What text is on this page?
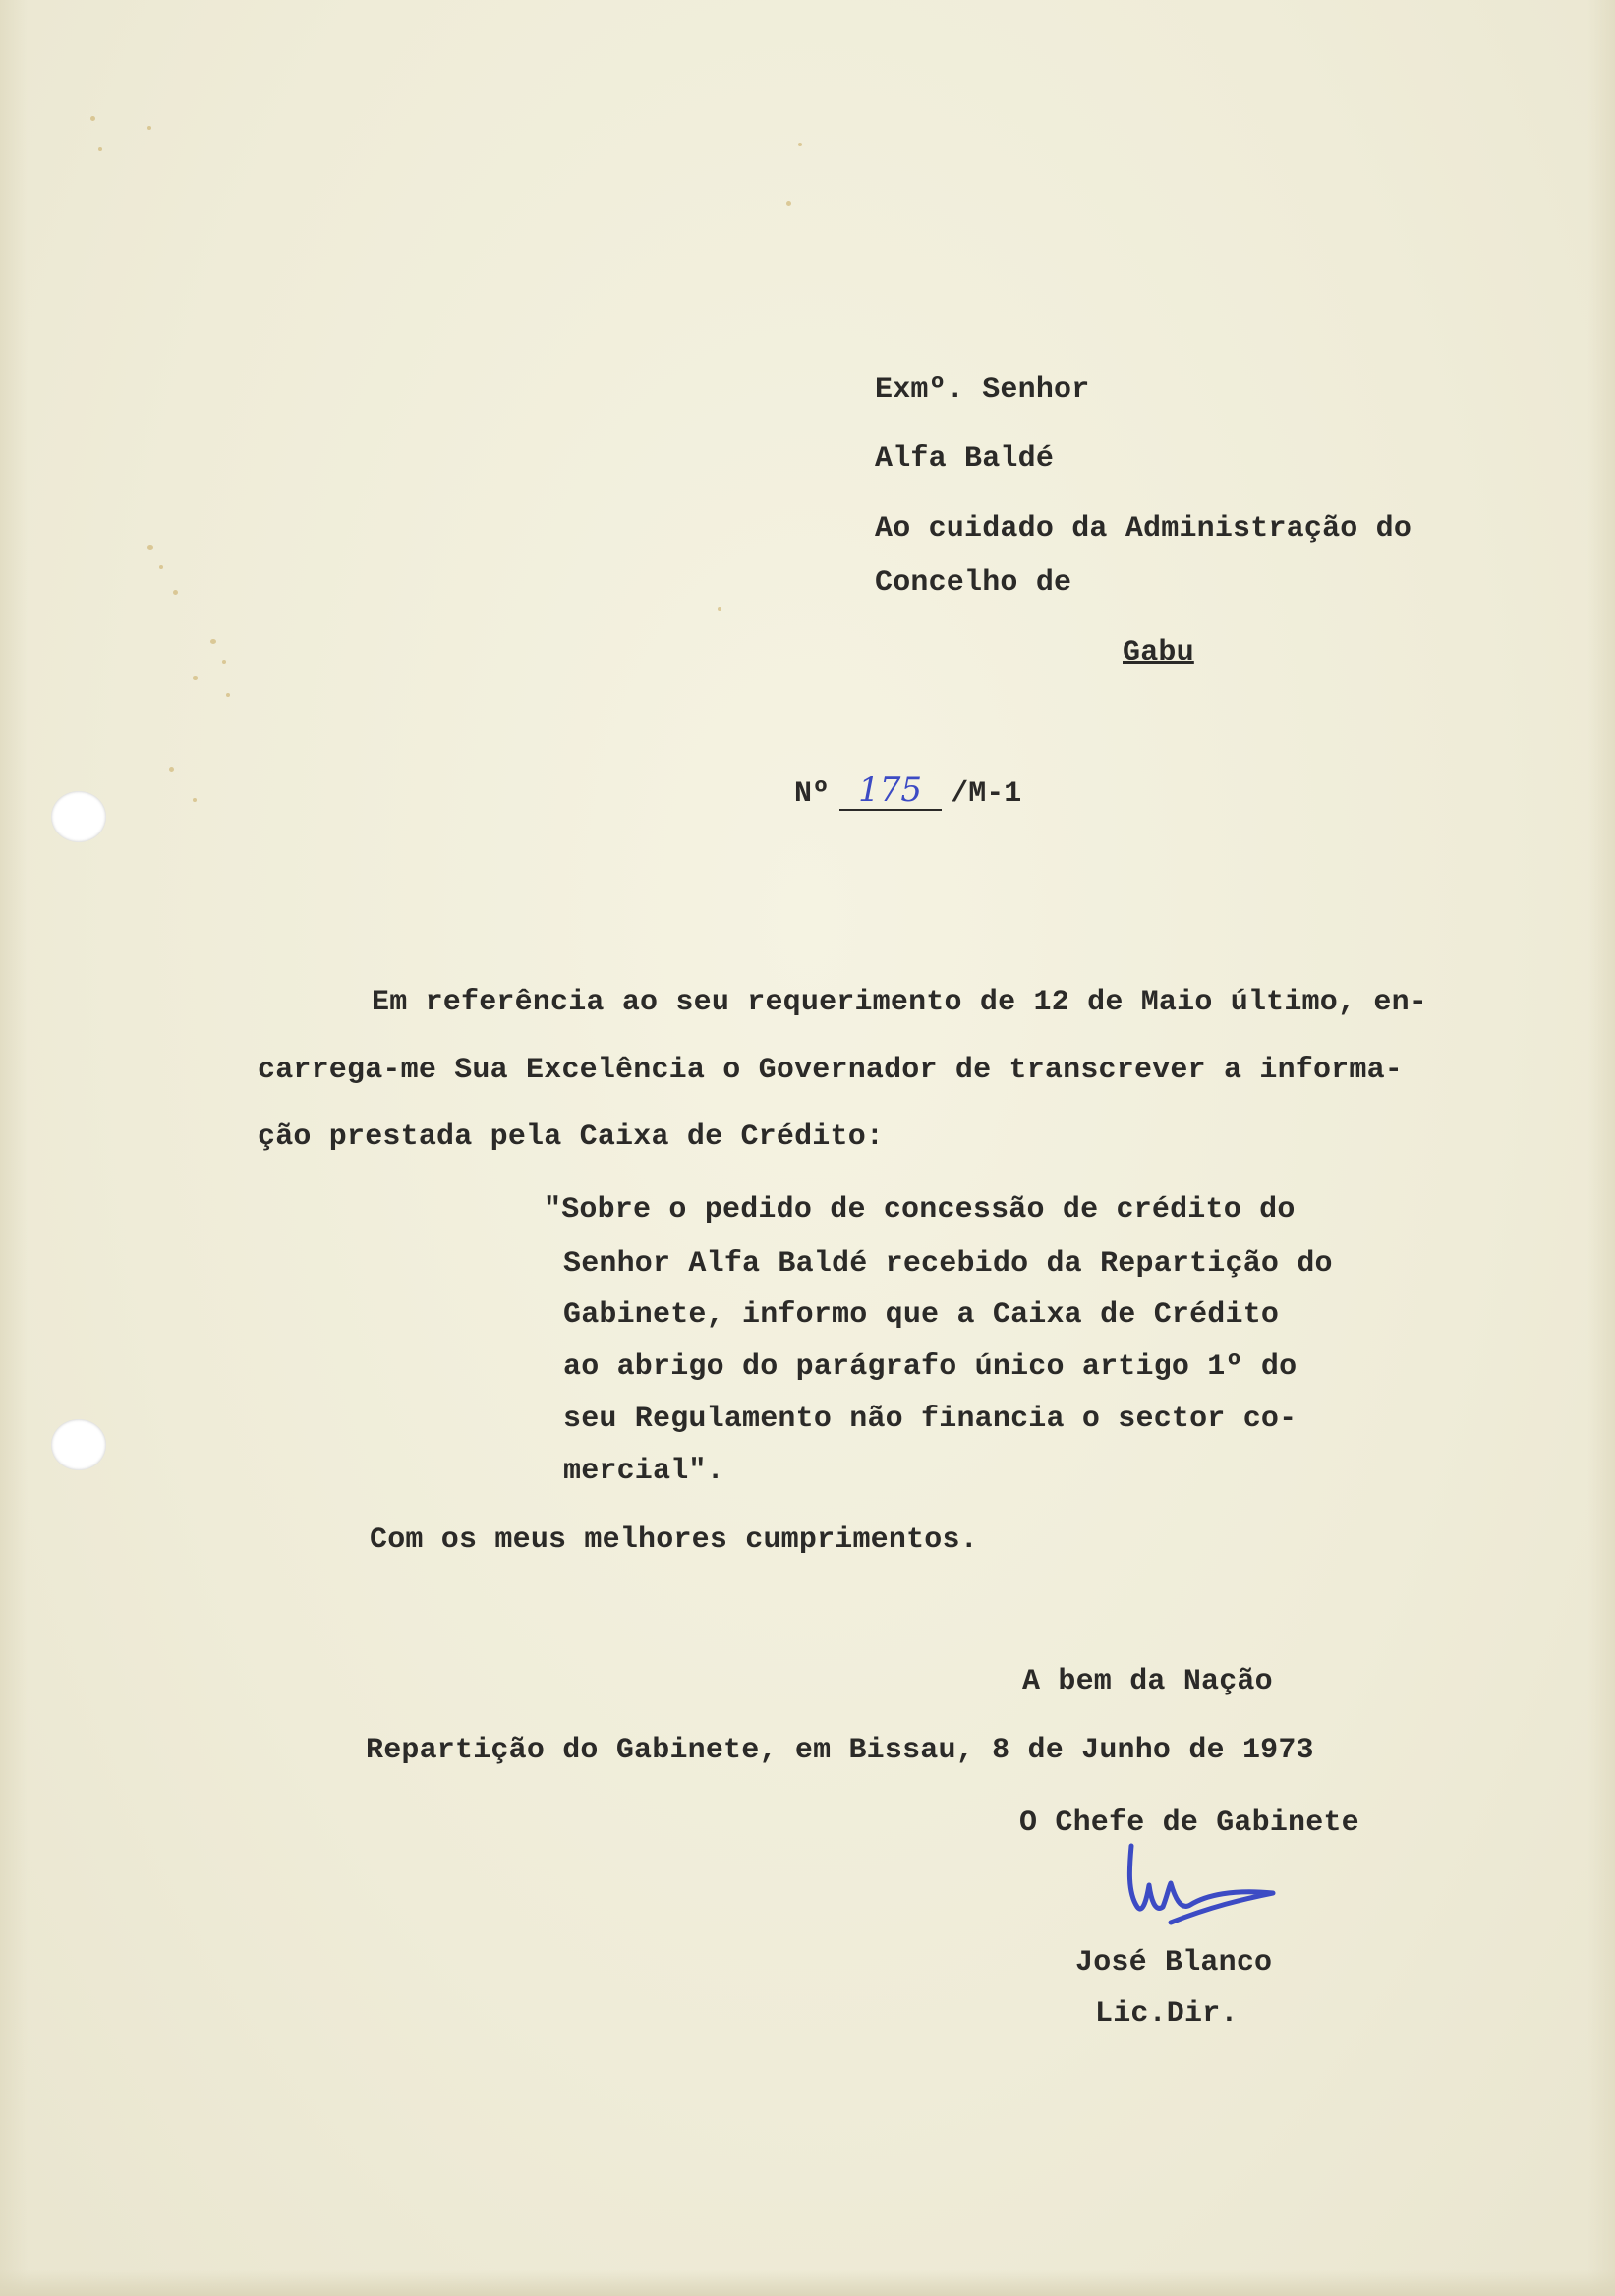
Exmº. Senhor
Alfa Baldé
Ao cuidado da Administração do
Concelho de
Gabu
Nº 175 /M-1
Em referência ao seu requerimento de 12 de Maio último, en-
carrega-me Sua Excelência o Governador de transcrever a informa-
ção prestada pela Caixa de Crédito:
"Sobre o pedido de concessão de crédito do
Senhor Alfa Baldé recebido da Repartição do
Gabinete, informo que a Caixa de Crédito
ao abrigo do parágrafo único artigo 1º do
seu Regulamento não financia o sector co-
mercial".
Com os meus melhores cumprimentos.
A bem da Nação
Repartição do Gabinete, em Bissau, 8 de Junho de 1973
O Chefe de Gabinete
José Blanco
Lic.Dir.
